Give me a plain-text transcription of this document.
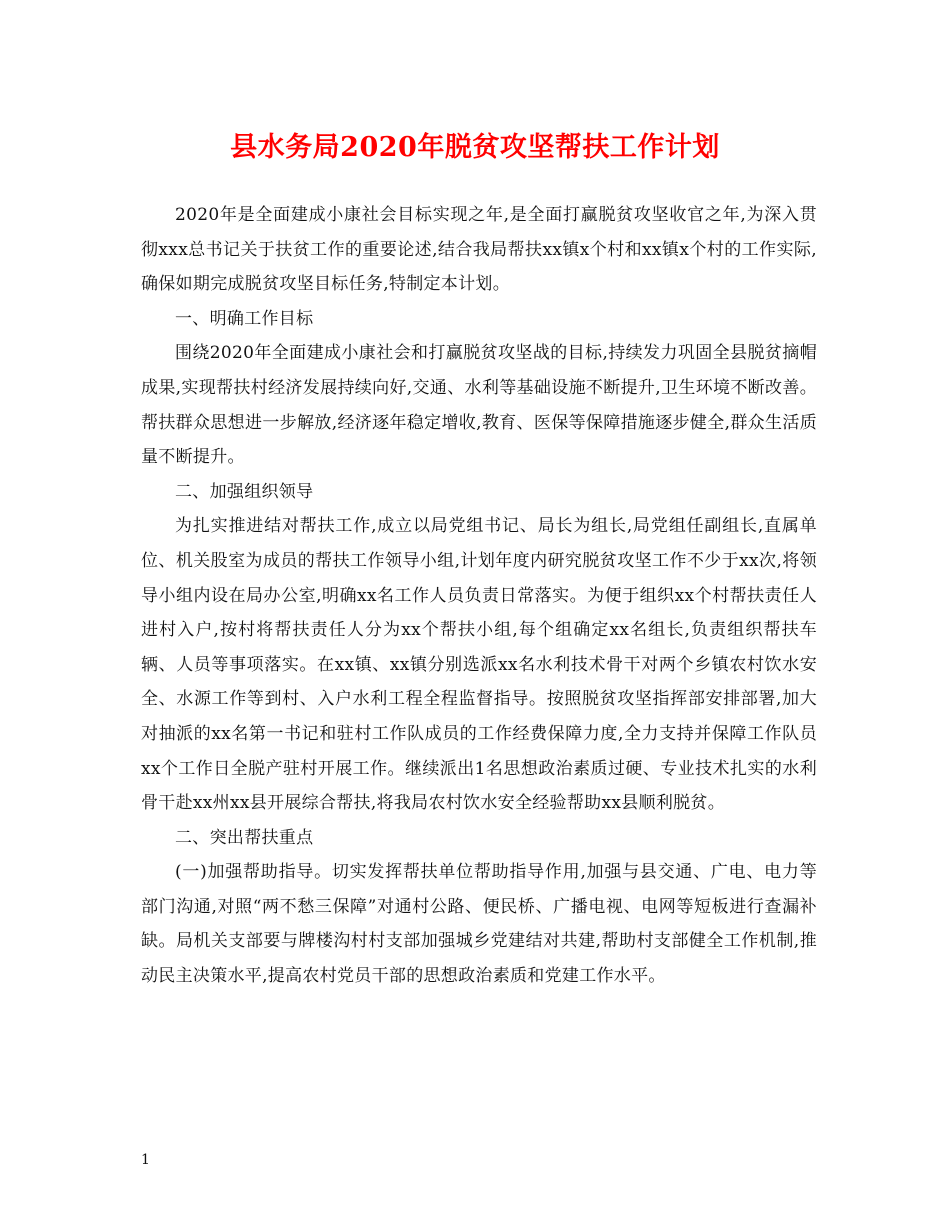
县水务局2020年脱贫攻坚帮扶工作计划

2020年是全面建成小康社会目标实现之年,是全面打赢脱贫攻坚收官之年,为深入贯彻xxx总书记关于扶贫工作的重要论述,结合我局帮扶xx镇x个村和xx镇x个村的工作实际,确保如期完成脱贫攻坚目标任务,特制定本计划。

一、明确工作目标

围绕2020年全面建成小康社会和打赢脱贫攻坚战的目标,持续发力巩固全县脱贫摘帽成果,实现帮扶村经济发展持续向好,交通、水利等基础设施不断提升,卫生环境不断改善。帮扶群众思想进一步解放,经济逐年稳定增收,教育、医保等保障措施逐步健全,群众生活质量不断提升。

二、加强组织领导

为扎实推进结对帮扶工作,成立以局党组书记、局长为组长,局党组任副组长,直属单位、机关股室为成员的帮扶工作领导小组,计划年度内研究脱贫攻坚工作不少于xx次,将领导小组内设在局办公室,明确xx名工作人员负责日常落实。为便于组织xx个村帮扶责任人进村入户,按村将帮扶责任人分为xx个帮扶小组,每个组确定xx名组长,负责组织帮扶车辆、人员等事项落实。在xx镇、xx镇分别选派xx名水利技术骨干对两个乡镇农村饮水安全、水源工作等到村、入户水利工程全程监督指导。按照脱贫攻坚指挥部安排部署,加大对抽派的xx名第一书记和驻村工作队成员的工作经费保障力度,全力支持并保障工作队员xx个工作日全脱产驻村开展工作。继续派出1名思想政治素质过硬、专业技术扎实的水利骨干赴xx州xx县开展综合帮扶,将我局农村饮水安全经验帮助xx县顺利脱贫。

二、突出帮扶重点

(一)加强帮助指导。切实发挥帮扶单位帮助指导作用,加强与县交通、广电、电力等部门沟通,对照“两不愁三保障”对通村公路、便民桥、广播电视、电网等短板进行查漏补缺。局机关支部要与牌楼沟村村支部加强城乡党建结对共建,帮助村支部健全工作机制,推动民主决策水平,提高农村党员干部的思想政治素质和党建工作水平。

1
